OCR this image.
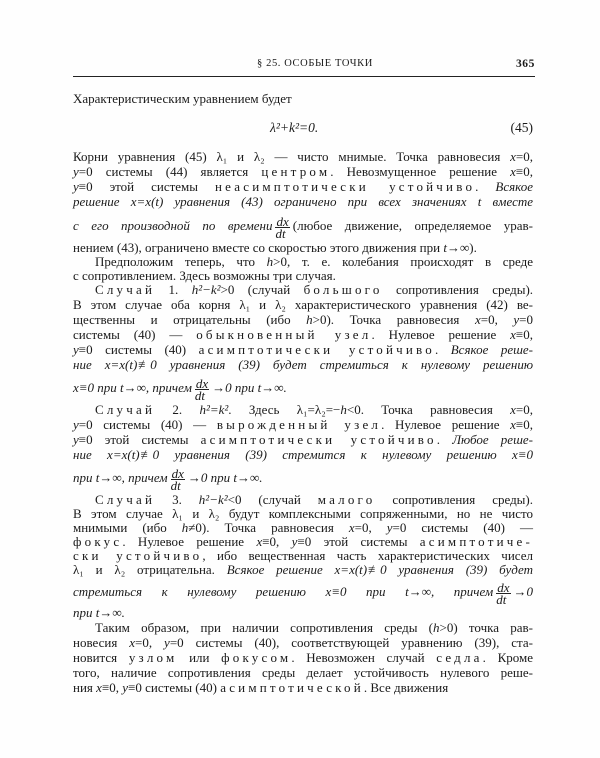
§ 25. ОСОБЫЕ ТОЧКИ	365
Характеристическим уравнением будет
λ²+k²=0.	(45)
Корни уравнения (45) λ₁ и λ₂ — чисто мнимые. Точка равновесия x=0,
y=0 системы (44) является центром. Невозмущенное решение x≡0,
y≡0 этой системы неасимптотически устойчиво. Всякое
решение x=x(t) уравнения (43) ограничено при всех значениях t вместе
с его производной по времени $\frac{dx}{dt}$ (любое движение, определяемое урав-
нением (43), ограничено вместе со скоростью этого движения при t→∞).
Предположим теперь, что h>0, т. е. колебания происходят в среде
с сопротивлением. Здесь возможны три случая.
Случай 1. h²−k²>0 (случай большого сопротивления среды).
В этом случае оба корня λ₁ и λ₂ характеристического уравнения (42) ве-
щественны и отрицательны (ибо h>0). Точка равновесия x=0, y=0
системы (40) — обыкновенный узел. Нулевое решение x≡0,
y≡0 системы (40) асимптотически устойчиво. Всякое реше-
ние x=x(t)≢0 уравнения (39) будет стремиться к нулевому решению
x≡0 при t→∞, причем $\frac{dx}{dt} \to 0$ при t→∞.
Случай 2. h²=k². Здесь λ₁=λ₂=−h<0. Точка равновесия x=0,
y=0 системы (40) — вырожденный узел. Нулевое решение x≡0,
y≡0 этой системы асимптотически устойчиво. Любое реше-
ние x=x(t)≢0 уравнения (39) стремится к нулевому решению x≡0
при t→∞, причем $\frac{dx}{dt} \to 0$ при t→∞.
Случай 3. h²−k²<0 (случай малого сопротивления среды).
В этом случае λ₁ и λ₂ будут комплексными сопряженными, но не чисто
мнимыми (ибо h≠0). Точка равновесия x=0, y=0 системы (40) —
фокус. Нулевое решение x≡0, y≡0 этой системы асимптотиче-
ски устойчиво, ибо вещественная часть характеристических чисел
λ₁ и λ₂ отрицательна. Всякое решение x=x(t)≢0 уравнения (39) будет
стремиться к нулевому решению x≡0 при t→∞, причем $\frac{dx}{dt} \to 0$
при t→∞.
Таким образом, при наличии сопротивления среды (h>0) точка рав-
новесия x=0, y=0 системы (40), соответствующей уравнению (39), ста-
новится узлом или фокусом. Невозможен случай седла. Кроме
того, наличие сопротивления среды делает устойчивость нулевого реше-
ния x≡0, y≡0 системы (40) асимптотической. Все движения
